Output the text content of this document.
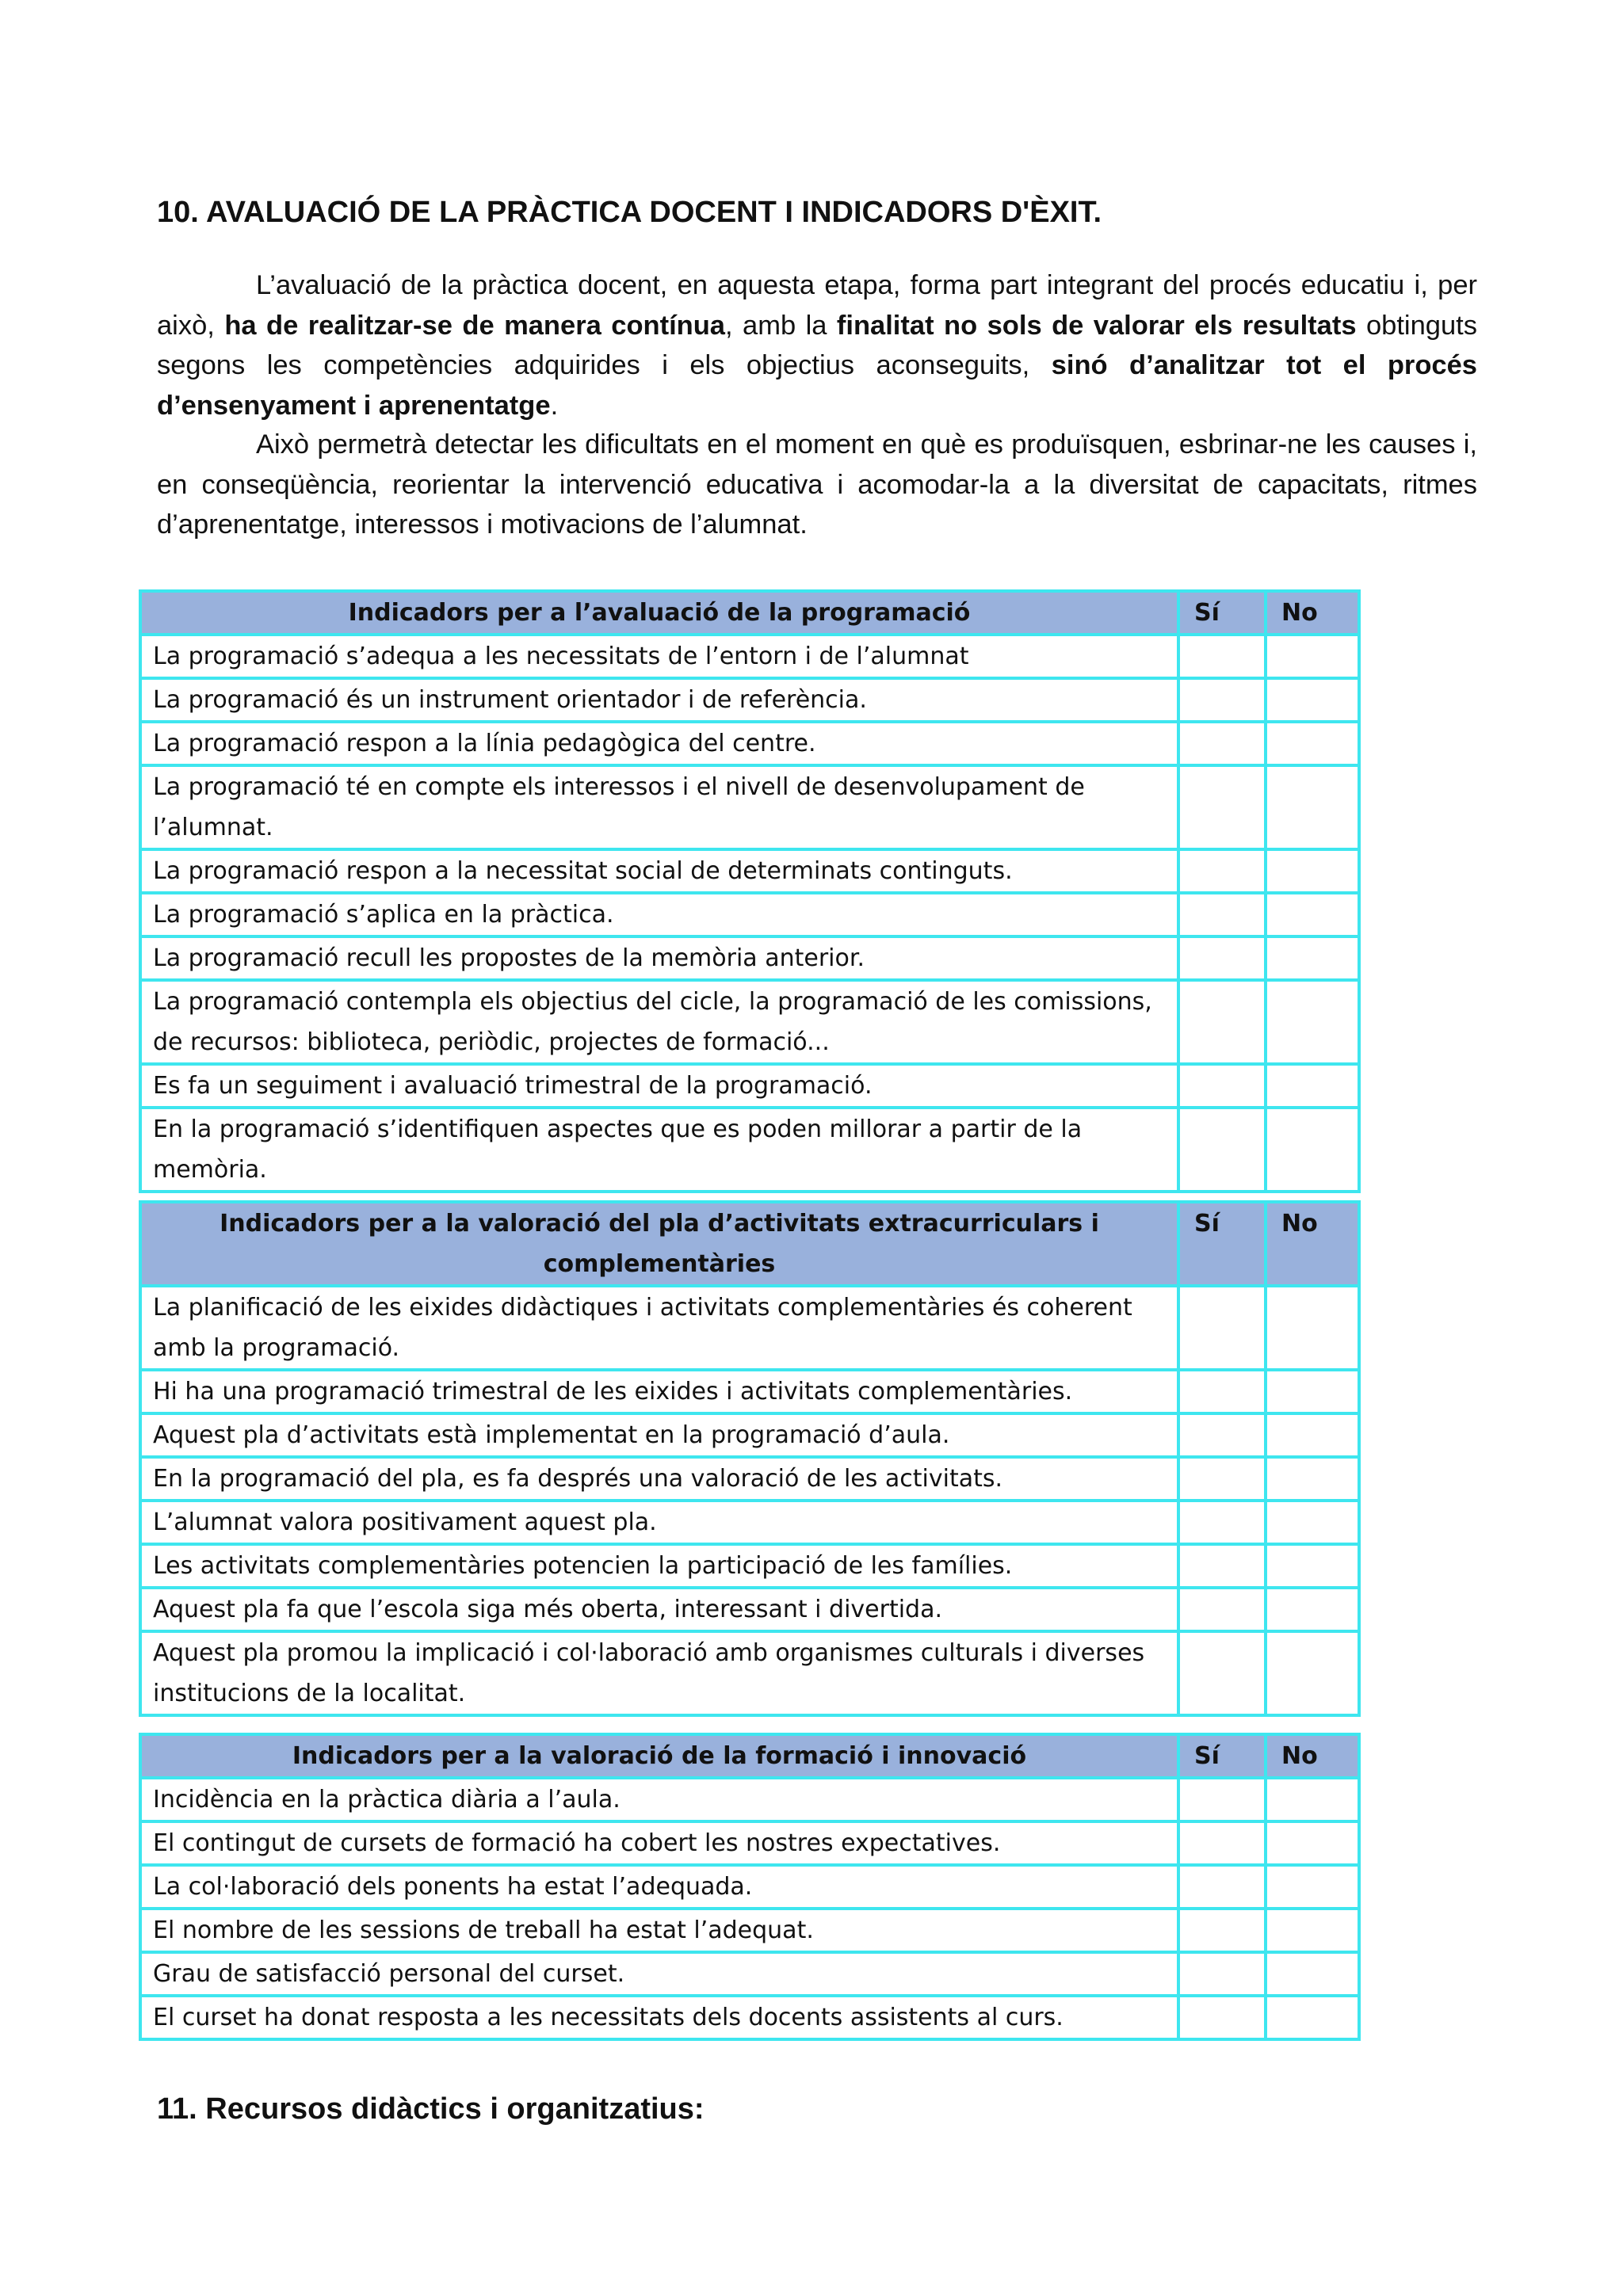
10. AVALUACIÓ DE LA PRÀCTICA DOCENT I INDICADORS D'ÈXIT.

L’avaluació de la pràctica docent, en aquesta etapa, forma part integrant del procés educatiu i, per això, ha de realitzar-se de manera contínua, amb la finalitat no sols de valorar els resultats obtinguts segons les competències adquirides i els objectius aconseguits, sinó d’analitzar tot el procés d’ensenyament i aprenentatge.

Això permetrà detectar les dificultats en el moment en què es produïsquen, esbrinar-ne les causes i, en conseqüència, reorientar la intervenció educativa i acomodar-la a la diversitat de capacitats, ritmes d’aprenentatge, interessos i motivacions de l’alumnat.

Indicadors per a l’avaluació de la programació	Sí	No
La programació s’adequa a les necessitats de l’entorn i de l’alumnat		
La programació és un instrument orientador i de referència.		
La programació respon a la línia pedagògica del centre.		
La programació té en compte els interessos i el nivell de desenvolupament de l’alumnat.		
La programació respon a la necessitat social de determinats continguts.		
La programació s’aplica en la pràctica.		
La programació recull les propostes de la memòria anterior.		
La programació contempla els objectius del cicle, la programació de les comissions, de recursos: biblioteca, periòdic, projectes de formació...		
Es fa un seguiment i avaluació trimestral de la programació.		
En la programació s’identifiquen aspectes que es poden millorar a partir de la memòria.		
Indicadors per a la valoració del pla d’activitats extracurriculars i complementàries	Sí	No
La planificació de les eixides didàctiques i activitats complementàries és coherent amb la programació.		
Hi ha una programació trimestral de les eixides i activitats complementàries.		
Aquest pla d’activitats està implementat en la programació d’aula.		
En la programació del pla, es fa després una valoració de les activitats.		
L’alumnat valora positivament aquest pla.		
Les activitats complementàries potencien la participació de les famílies.		
Aquest pla fa que l’escola siga més oberta, interessant i divertida.		
Aquest pla promou la implicació i col·laboració amb organismes culturals i diverses institucions de la localitat.		
Indicadors per a la valoració de la formació i innovació	Sí	No
Incidència en la pràctica diària a l’aula.		
El contingut de cursets de formació ha cobert les nostres expectatives.		
La col·laboració dels ponents ha estat l’adequada.		
El nombre de les sessions de treball ha estat l’adequat.		
Grau de satisfacció personal del curset.		
El curset ha donat resposta a les necessitats dels docents assistents al curs.		
11. Recursos didàctics i organitzatius:
